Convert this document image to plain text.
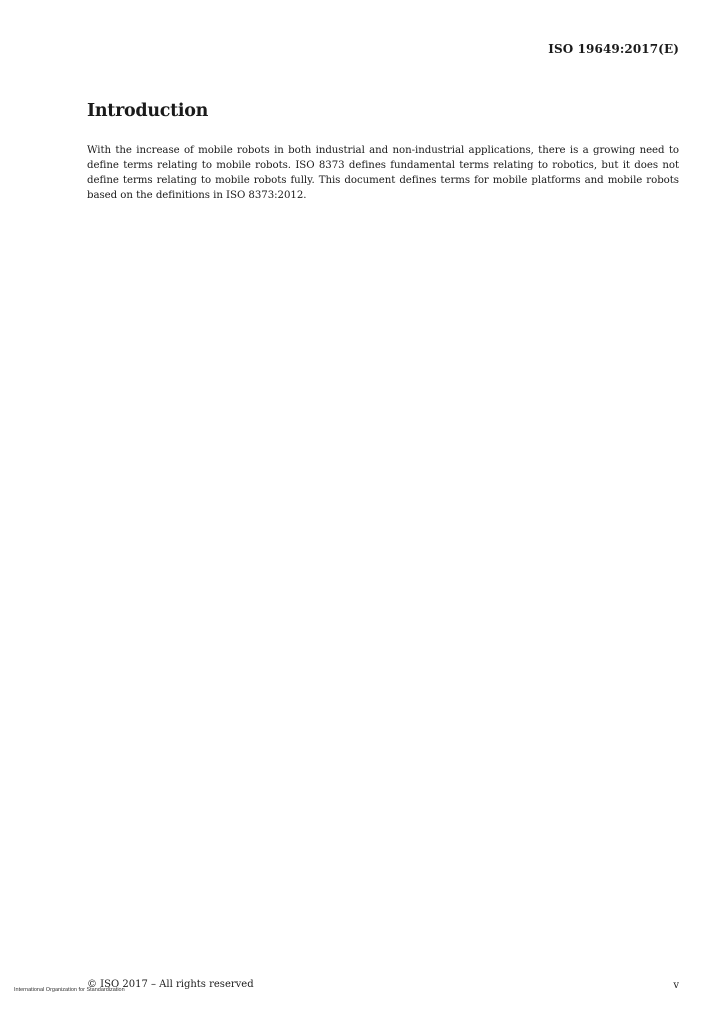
ISO 19649:2017(E)
Introduction

With the increase of mobile robots in both industrial and non-industrial applications, there is a growing need to define terms relating to mobile robots. ISO 8373 defines fundamental terms relating to robotics, but it does not define terms relating to mobile robots fully. This document defines terms for mobile platforms and mobile robots based on the definitions in ISO 8373:2012.

International Organization for Standardization
© ISO 2017 – All rights reserved	v
